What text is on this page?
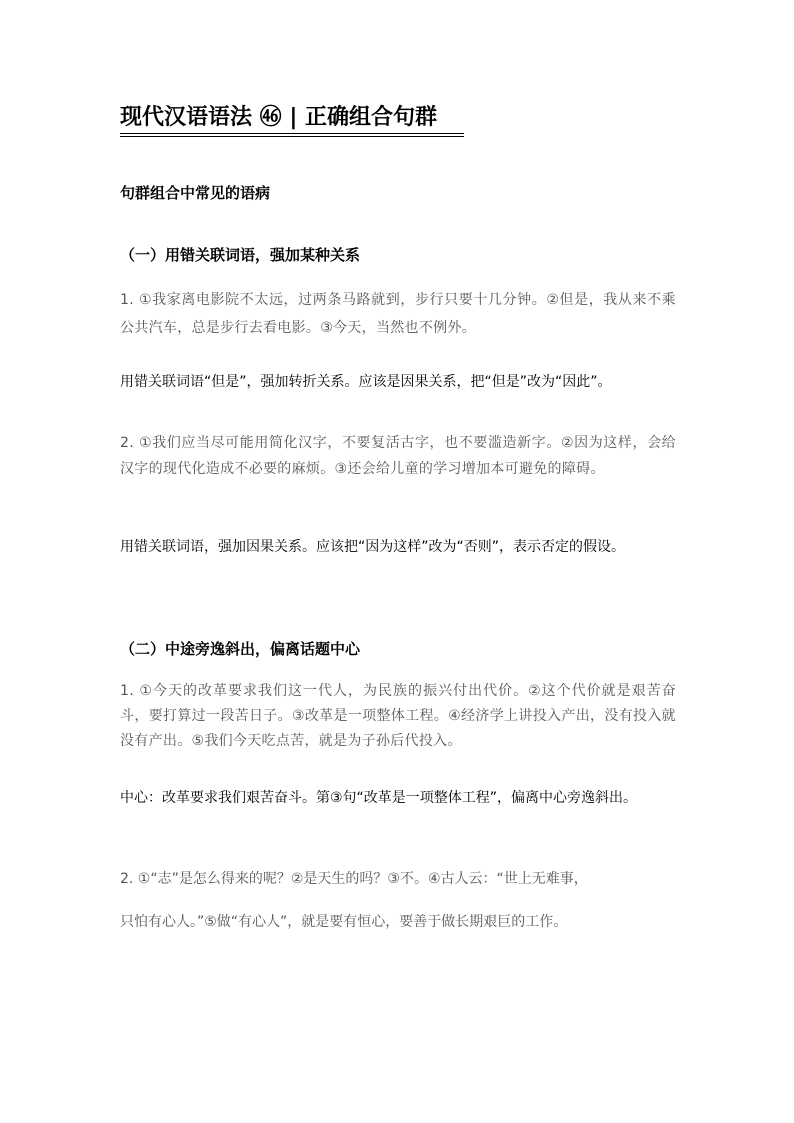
现代汉语语法 ㊻ | 正确组合句群
句群组合中常见的语病
（一）用错关联词语，强加某种关系
1. ①我家离电影院不太远，过两条马路就到，步行只要十几分钟。②但是，我从来不乘公共汽车，总是步行去看电影。③今天，当然也不例外。
用错关联词语“但是”，强加转折关系。应该是因果关系，把“但是”改为“因此”。
2. ①我们应当尽可能用简化汉字，不要复活古字，也不要滥造新字。②因为这样，会给汉字的现代化造成不必要的麻烦。③还会给儿童的学习增加本可避免的障碍。
用错关联词语，强加因果关系。应该把“因为这样”改为“否则”，表示否定的假设。
（二）中途旁逸斜出，偏离话题中心
1. ①今天的改革要求我们这一代人，为民族的振兴付出代价。②这个代价就是艰苦奋斗，要打算过一段苦日子。③改革是一项整体工程。④经济学上讲投入产出，没有投入就没有产出。⑤我们今天吃点苦，就是为子孙后代投入。
中心：改革要求我们艰苦奋斗。第③句“改革是一项整体工程”，偏离中心旁逸斜出。
2. ①“志”是怎么得来的呢？②是天生的吗？③不。④古人云：“世上无难事，
只怕有心人。”⑤做“有心人”，就是要有恒心，要善于做长期艰巨的工作。
